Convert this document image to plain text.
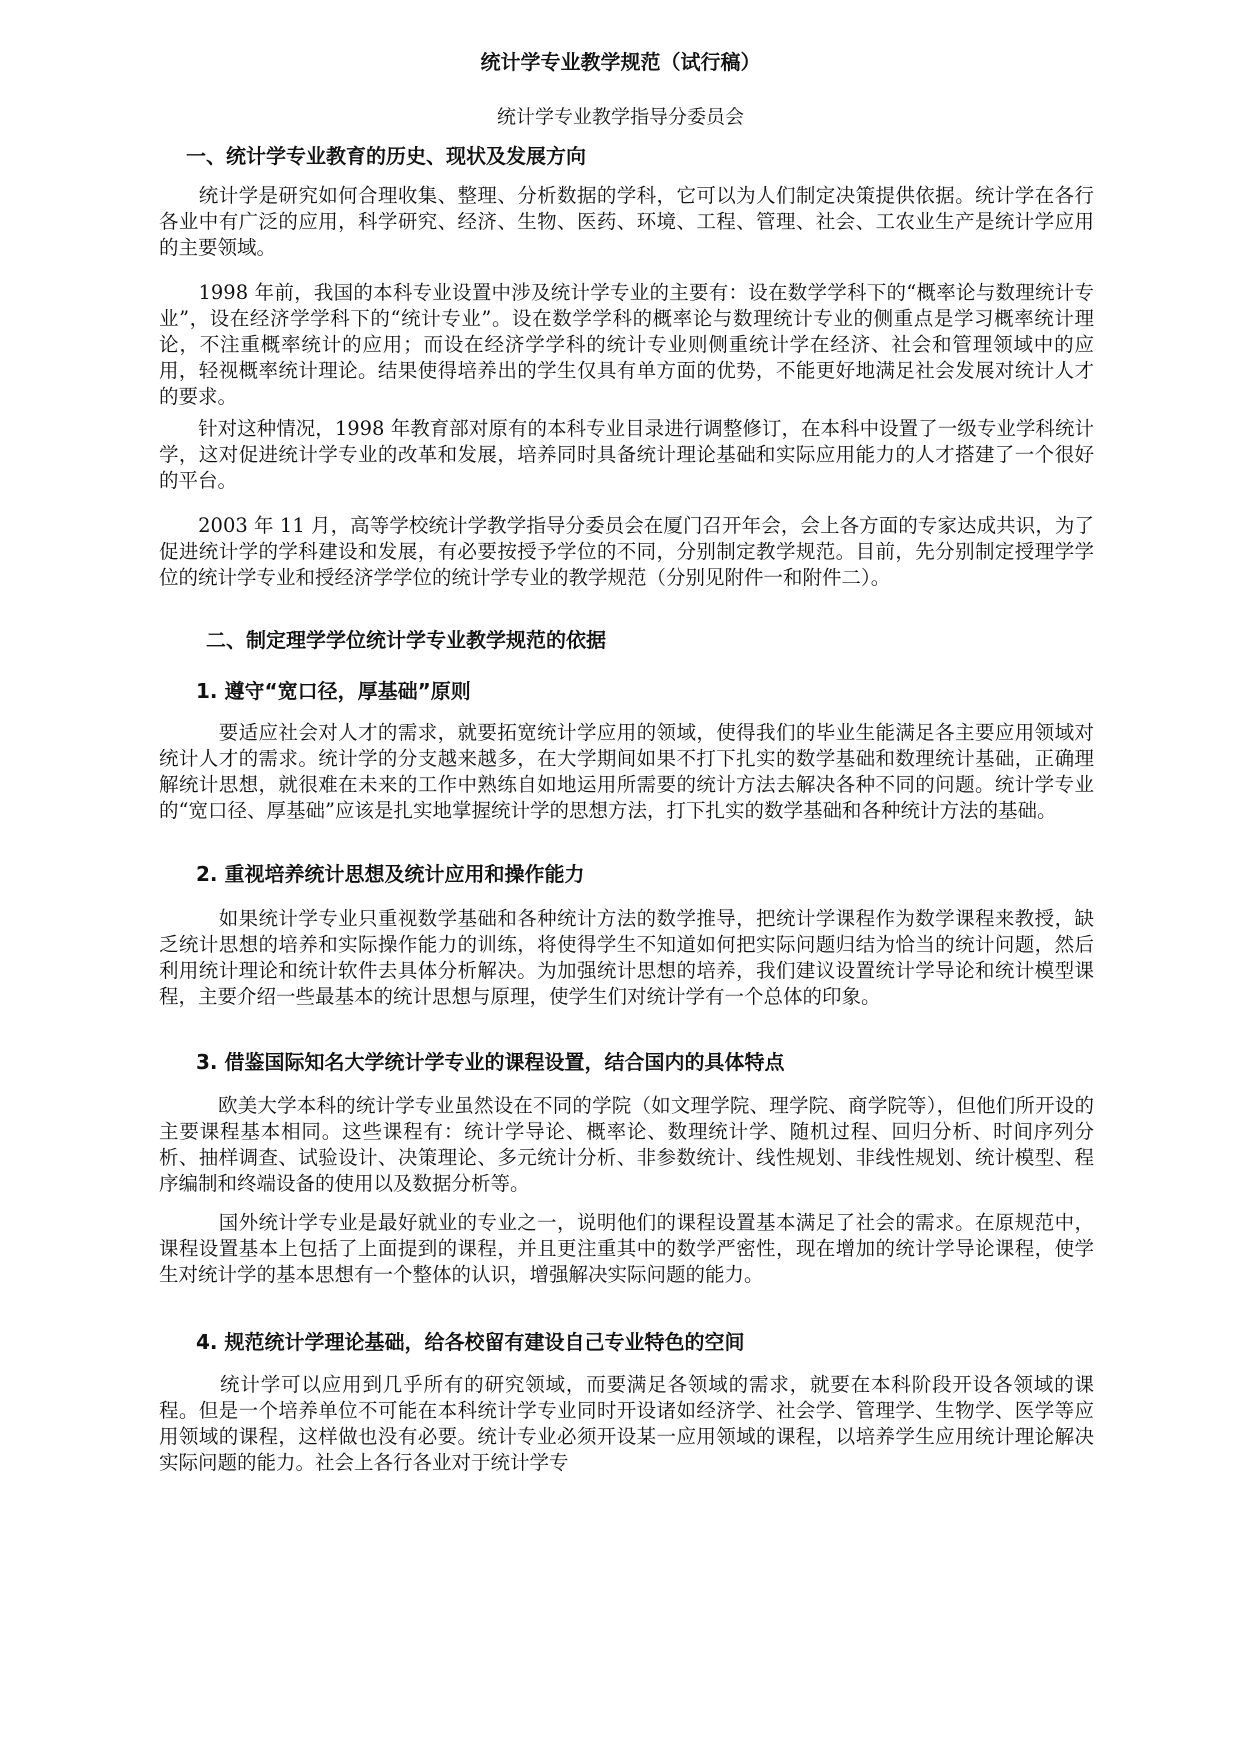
统计学专业教学规范（试行稿）
统计学专业教学指导分委员会
一、统计学专业教育的历史、现状及发展方向
　　统计学是研究如何合理收集、整理、分析数据的学科，它可以为人们制定决策提供依据。统计学在各行各业中有广泛的应用，科学研究、经济、生物、医药、环境、工程、管理、社会、工农业生产是统计学应用的主要领域。
　　1998 年前，我国的本科专业设置中涉及统计学专业的主要有：设在数学学科下的“概率论与数理统计专业”，设在经济学学科下的“统计专业”。设在数学学科的概率论与数理统计专业的侧重点是学习概率统计理论，不注重概率统计的应用；而设在经济学学科的统计专业则侧重统计学在经济、社会和管理领域中的应用，轻视概率统计理论。结果使得培养出的学生仅具有单方面的优势，不能更好地满足社会发展对统计人才的要求。
　　针对这种情况，1998 年教育部对原有的本科专业目录进行调整修订，在本科中设置了一级专业学科统计学，这对促进统计学专业的改革和发展，培养同时具备统计理论基础和实际应用能力的人才搭建了一个很好的平台。
　　2003 年 11 月，高等学校统计学教学指导分委员会在厦门召开年会，会上各方面的专家达成共识，为了促进统计学的学科建设和发展，有必要按授予学位的不同，分别制定教学规范。目前，先分别制定授理学学位的统计学专业和授经济学学位的统计学专业的教学规范（分别见附件一和附件二）。
二、制定理学学位统计学专业教学规范的依据
1. 遵守“宽口径，厚基础”原则
　　　要适应社会对人才的需求，就要拓宽统计学应用的领域，使得我们的毕业生能满足各主要应用领域对统计人才的需求。统计学的分支越来越多，在大学期间如果不打下扎实的数学基础和数理统计基础，正确理解统计思想，就很难在未来的工作中熟练自如地运用所需要的统计方法去解决各种不同的问题。统计学专业的“宽口径、厚基础”应该是扎实地掌握统计学的思想方法，打下扎实的数学基础和各种统计方法的基础。
2. 重视培养统计思想及统计应用和操作能力
　　　如果统计学专业只重视数学基础和各种统计方法的数学推导，把统计学课程作为数学课程来教授，缺乏统计思想的培养和实际操作能力的训练，将使得学生不知道如何把实际问题归结为恰当的统计问题，然后利用统计理论和统计软件去具体分析解决。为加强统计思想的培养，我们建议设置统计学导论和统计模型课程，主要介绍一些最基本的统计思想与原理，使学生们对统计学有一个总体的印象。
3. 借鉴国际知名大学统计学专业的课程设置，结合国内的具体特点
　　　欧美大学本科的统计学专业虽然设在不同的学院（如文理学院、理学院、商学院等），但他们所开设的主要课程基本相同。这些课程有：统计学导论、概率论、数理统计学、随机过程、回归分析、时间序列分析、抽样调查、试验设计、决策理论、多元统计分析、非参数统计、线性规划、非线性规划、统计模型、程序编制和终端设备的使用以及数据分析等。
　　　国外统计学专业是最好就业的专业之一，说明他们的课程设置基本满足了社会的需求。在原规范中，课程设置基本上包括了上面提到的课程，并且更注重其中的数学严密性，现在增加的统计学导论课程，使学生对统计学的基本思想有一个整体的认识，增强解决实际问题的能力。
4. 规范统计学理论基础，给各校留有建设自己专业特色的空间
　　　统计学可以应用到几乎所有的研究领域，而要满足各领域的需求，就要在本科阶段开设各领域的课程。但是一个培养单位不可能在本科统计学专业同时开设诸如经济学、社会学、管理学、生物学、医学等应用领域的课程，这样做也没有必要。统计专业必须开设某一应用领域的课程，以培养学生应用统计理论解决实际问题的能力。社会上各行各业对于统计学专
